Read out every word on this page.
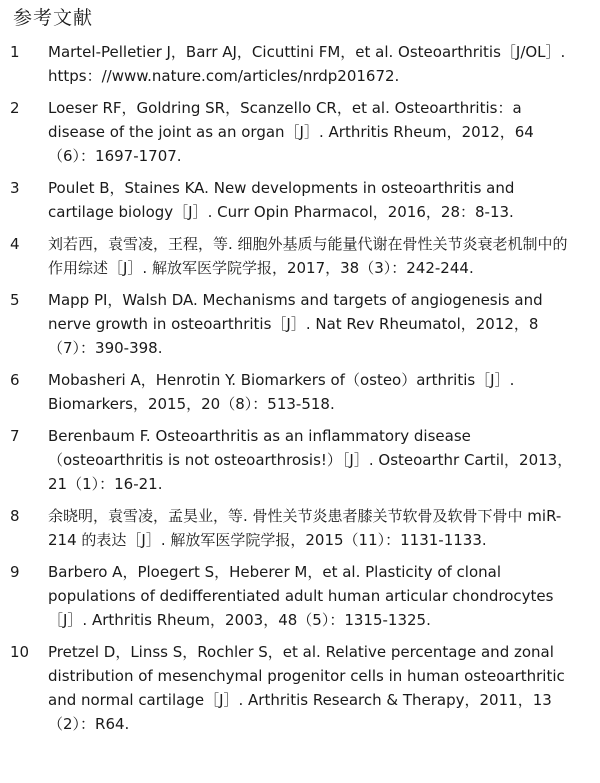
参考文献
1	Martel-Pelletier J，Barr AJ，Cicuttini FM，et al. Osteoarthritis［J/OL］. https：//www.nature.com/articles/nrdp201672.
2	Loeser RF，Goldring SR，Scanzello CR，et al. Osteoarthritis：a disease of the joint as an organ［J］. Arthritis Rheum，2012，64（6）：1697-1707.
3	Poulet B，Staines KA. New developments in osteoarthritis and cartilage biology［J］. Curr Opin Pharmacol，2016，28：8-13.
4	刘若西，袁雪凌，王程，等. 细胞外基质与能量代谢在骨性关节炎衰老机制中的作用综述［J］. 解放军医学院学报，2017，38（3）：242-244.
5	Mapp PI，Walsh DA. Mechanisms and targets of angiogenesis and nerve growth in osteoarthritis［J］. Nat Rev Rheumatol，2012，8（7）：390-398.
6	Mobasheri A，Henrotin Y. Biomarkers of（osteo）arthritis［J］. Biomarkers，2015，20（8）：513-518.
7	Berenbaum F. Osteoarthritis as an inflammatory disease（osteoarthritis is not osteoarthrosis!）［J］. Osteoarthr Cartil，2013，21（1）：16-21.
8	余晓明，袁雪凌，孟昊业，等. 骨性关节炎患者膝关节软骨及软骨下骨中 miR-214 的表达［J］. 解放军医学院学报，2015（11）：1131-1133.
9	Barbero A，Ploegert S，Heberer M，et al. Plasticity of clonal populations of dedifferentiated adult human articular chondrocytes［J］. Arthritis Rheum，2003，48（5）：1315-1325.
10	Pretzel D，Linss S，Rochler S，et al. Relative percentage and zonal distribution of mesenchymal progenitor cells in human osteoarthritic and normal cartilage［J］. Arthritis Research & Therapy，2011，13（2）：R64.
